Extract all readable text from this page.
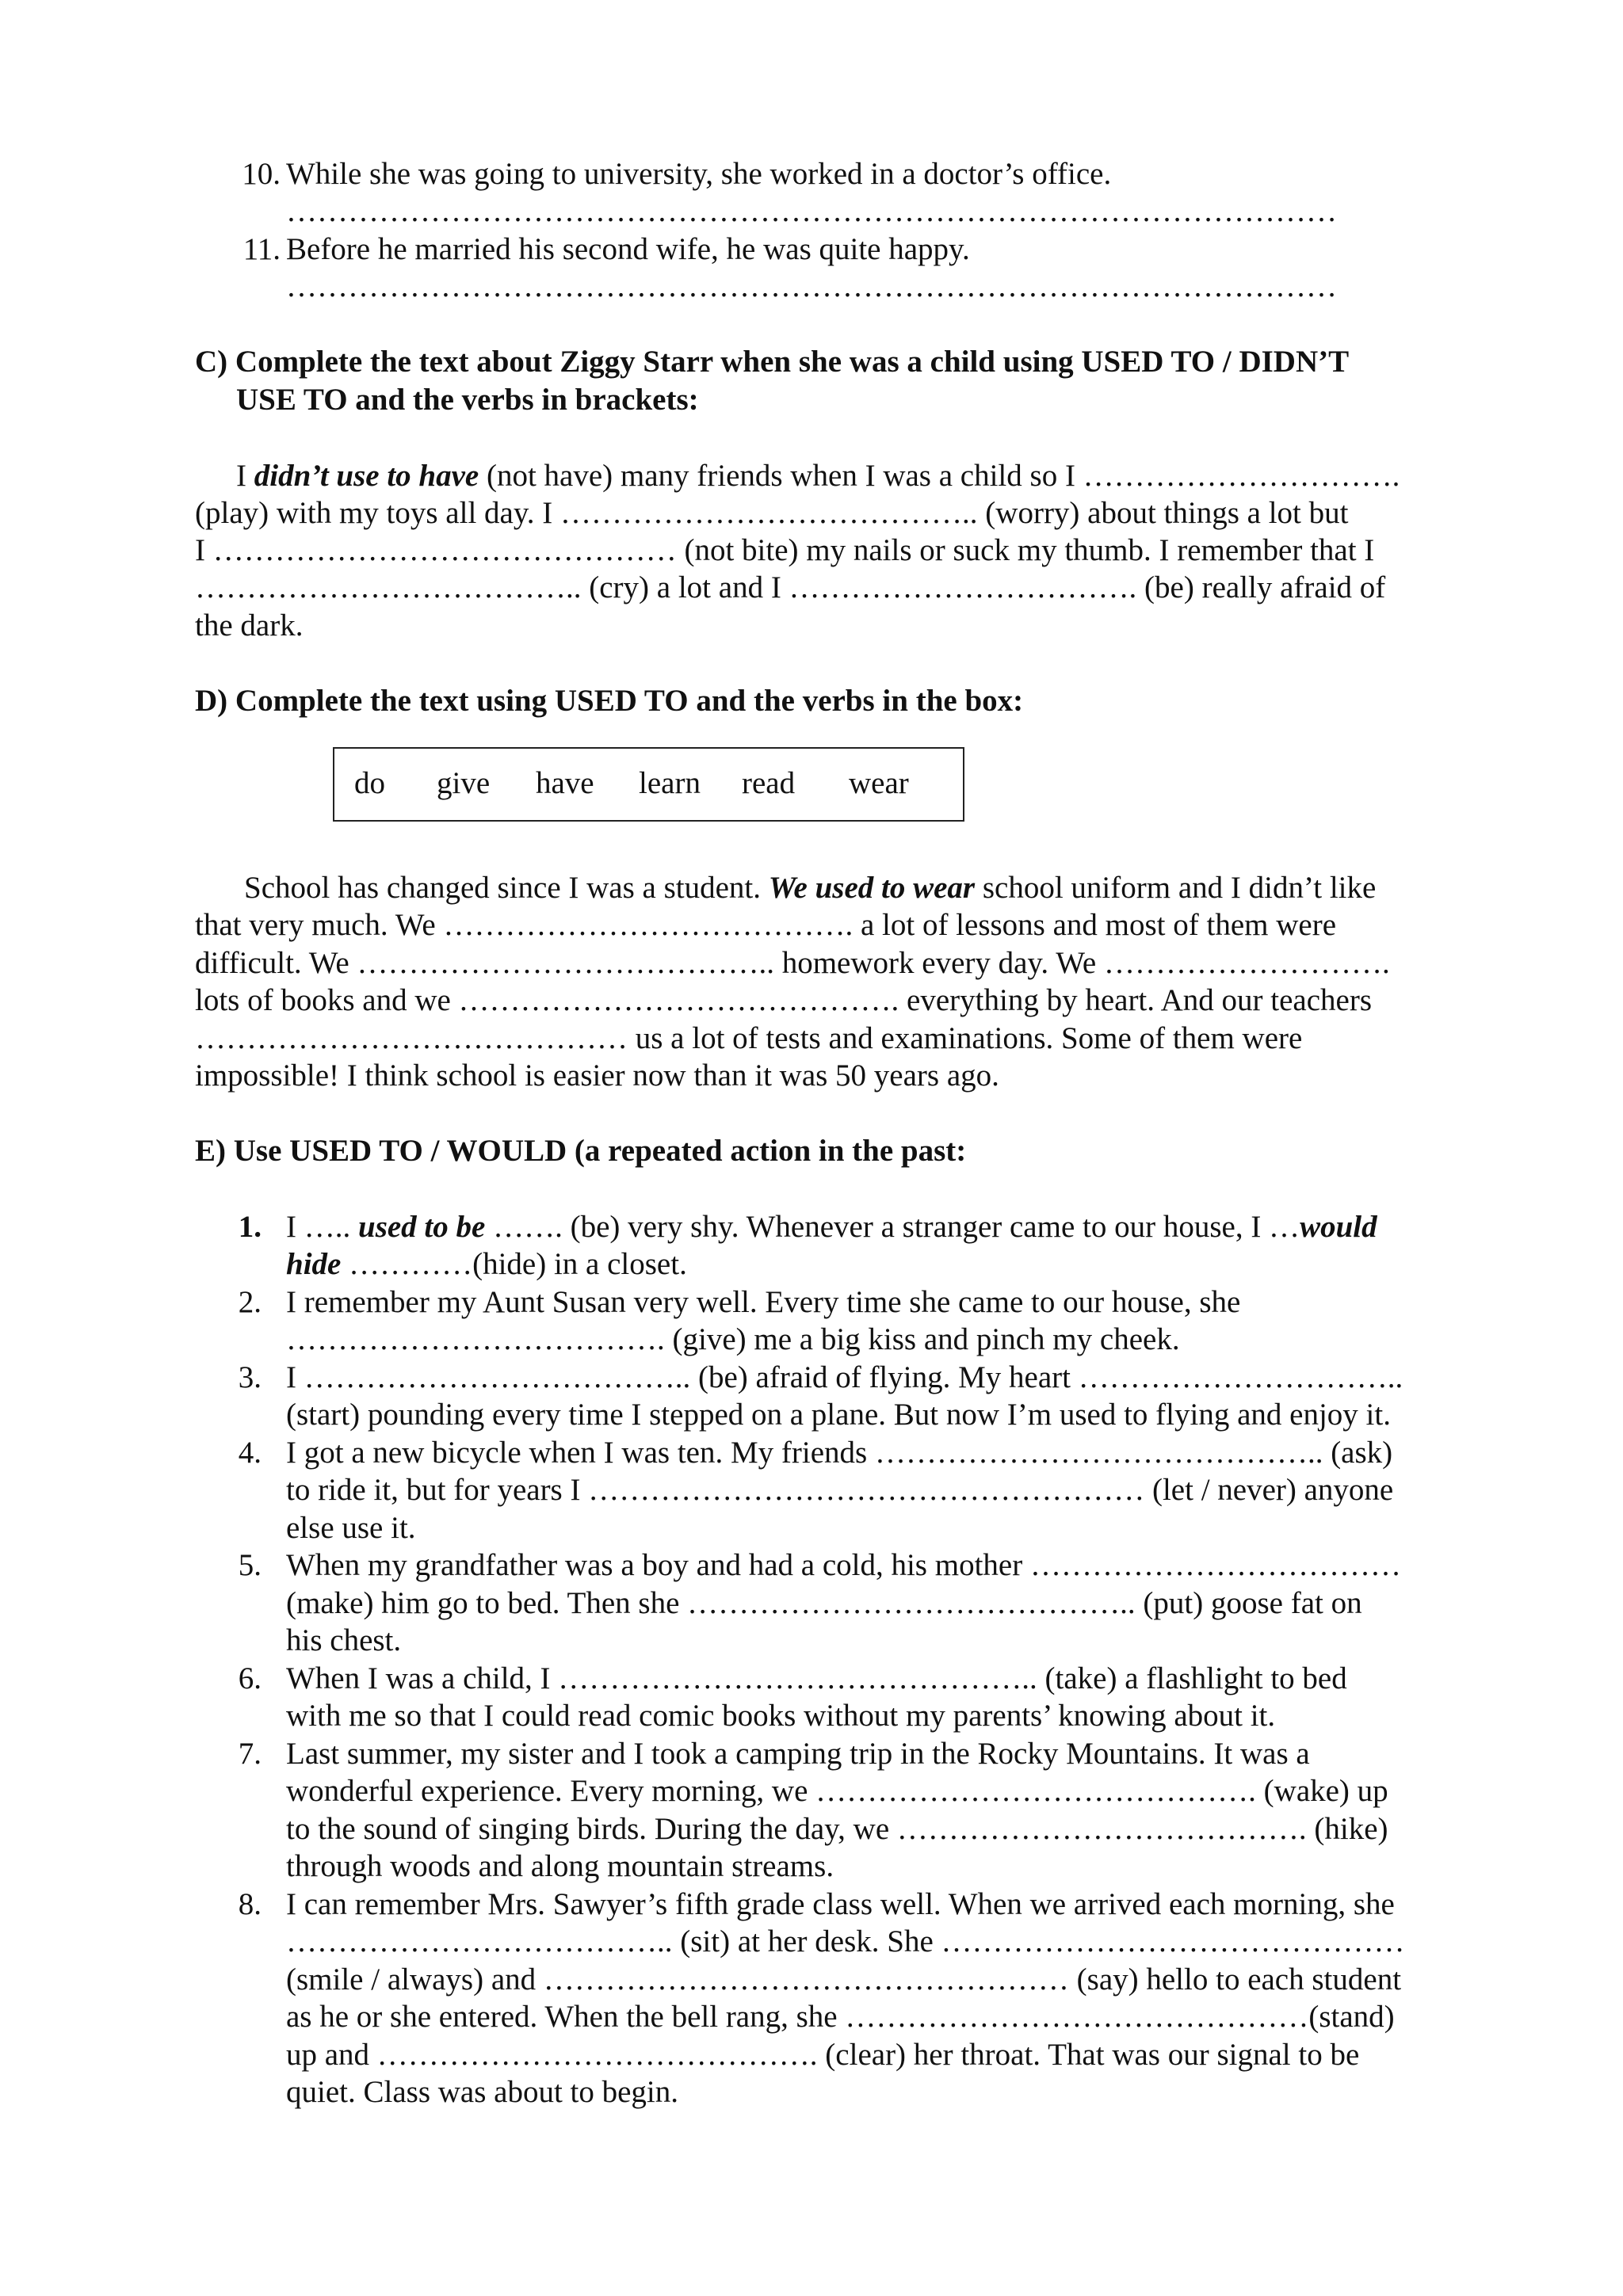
10. While she was going to university, she worked in a doctor’s office.
…………………………………………………………………………………………
11. Before he married his second wife, he was quite happy.
…………………………………………………………………………………………
C) Complete the text about Ziggy Starr when she was a child using USED TO / DIDN’T
USE TO and the verbs in brackets:
I didn’t use to have (not have) many friends when I was a child so I ………………………….
(play) with my toys all day. I ………………………………….. (worry) about things a lot but
I ……………………………………… (not bite) my nails or suck my thumb. I remember that I
……………………………….. (cry) a lot and I ……………………………. (be) really afraid of
the dark.
D) Complete the text using USED TO and the verbs in the box:
do give have learn read wear
School has changed since I was a student. We used to wear school uniform and I didn’t like
that very much. We …………………………………. a lot of lessons and most of them were
difficult. We ………………………………….. homework every day. We ……………………….
lots of books and we ……………………………………. everything by heart. And our teachers
…………………………………… us a lot of tests and examinations. Some of them were
impossible! I think school is easier now than it was 50 years ago.
E) Use USED TO / WOULD (a repeated action in the past:
1. I ….. used to be ……. (be) very shy. Whenever a stranger came to our house, I …would
hide …………(hide) in a closet.
2. I remember my Aunt Susan very well. Every time she came to our house, she
………………………………. (give) me a big kiss and pinch my cheek.
3. I ……………………………….. (be) afraid of flying. My heart …………………………..
(start) pounding every time I stepped on a plane. But now I’m used to flying and enjoy it.
4. I got a new bicycle when I was ten. My friends …………………………………….. (ask)
to ride it, but for years I ……………………………………………… (let / never) anyone
else use it.
5. When my grandfather was a boy and had a cold, his mother ………………………………
(make) him go to bed. Then she …………………………………….. (put) goose fat on
his chest.
6. When I was a child, I ……………………………………….. (take) a flashlight to bed
with me so that I could read comic books without my parents’ knowing about it.
7. Last summer, my sister and I took a camping trip in the Rocky Mountains. It was a
wonderful experience. Every morning, we ……………………………………. (wake) up
to the sound of singing birds. During the day, we …………………………………. (hike)
through woods and along mountain streams.
8. I can remember Mrs. Sawyer’s fifth grade class well. When we arrived each morning, she
……………………………….. (sit) at her desk. She ………………………………………
(smile / always) and …………………………………………… (say) hello to each student
as he or she entered. When the bell rang, she ………………………………………(stand)
up and ……………………………………. (clear) her throat. That was our signal to be
quiet. Class was about to begin.
